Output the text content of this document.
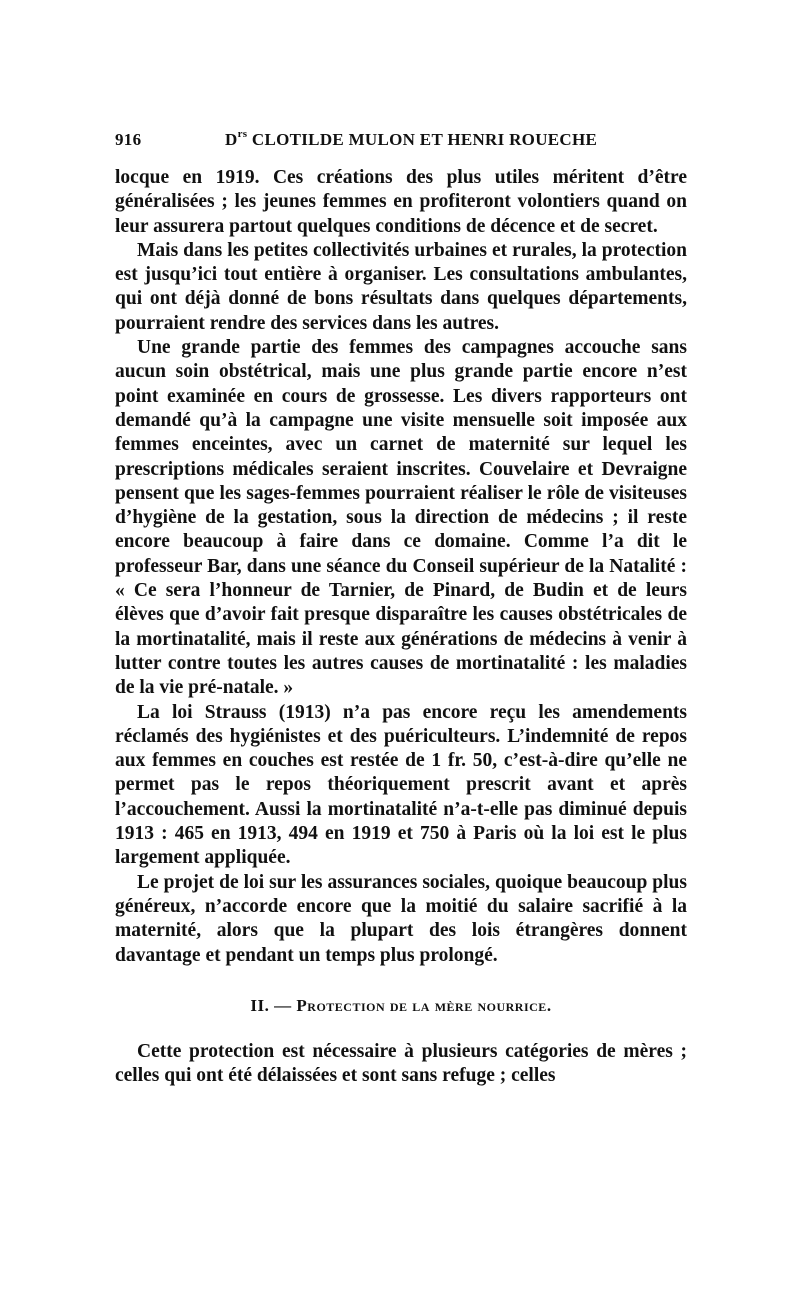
916	$D^{rs}$ CLOTILDE MULON ET HENRI ROUECHE

locque en 1919. Ces créations des plus utiles méritent d’être généralisées ; les jeunes femmes en profiteront volontiers quand on leur assurera partout quelques conditions de décence et de secret.

Mais dans les petites collectivités urbaines et rurales, la protection est jusqu’ici tout entière à organiser. Les consultations ambulantes, qui ont déjà donné de bons résultats dans quelques départements, pourraient rendre des services dans les autres.

Une grande partie des femmes des campagnes accouche sans aucun soin obstétrical, mais une plus grande partie encore n’est point examinée en cours de grossesse. Les divers rapporteurs ont demandé qu’à la campagne une visite mensuelle soit imposée aux femmes enceintes, avec un carnet de maternité sur lequel les prescriptions médicales seraient inscrites. Couvelaire et Devraigne pensent que les sages-femmes pourraient réaliser le rôle de visiteuses d’hygiène de la gestation, sous la direction de médecins ; il reste encore beaucoup à faire dans ce domaine. Comme l’a dit le professeur Bar, dans une séance du Conseil supérieur de la Natalité : « Ce sera l’honneur de Tarnier, de Pinard, de Budin et de leurs élèves que d’avoir fait presque disparaître les causes obstétricales de la mortinatalité, mais il reste aux générations de médecins à venir à lutter contre toutes les autres causes de mortinatalité : les maladies de la vie pré-natale. »

La loi Strauss (1913) n’a pas encore reçu les amendements réclamés des hygiénistes et des puériculteurs. L’indemnité de repos aux femmes en couches est restée de 1 fr. 50, c’est-à-dire qu’elle ne permet pas le repos théoriquement prescrit avant et après l’accouchement. Aussi la mortinatalité n’a-t-elle pas diminué depuis 1913 : 465 en 1913, 494 en 1919 et 750 à Paris où la loi est le plus largement appliquée.

Le projet de loi sur les assurances sociales, quoique beaucoup plus généreux, n’accorde encore que la moitié du salaire sacrifié à la maternité, alors que la plupart des lois étrangères donnent davantage et pendant un temps plus prolongé.

II. — Protection de la mère nourrice.

Cette protection est nécessaire à plusieurs catégories de mères ; celles qui ont été délaissées et sont sans refuge ; celles
